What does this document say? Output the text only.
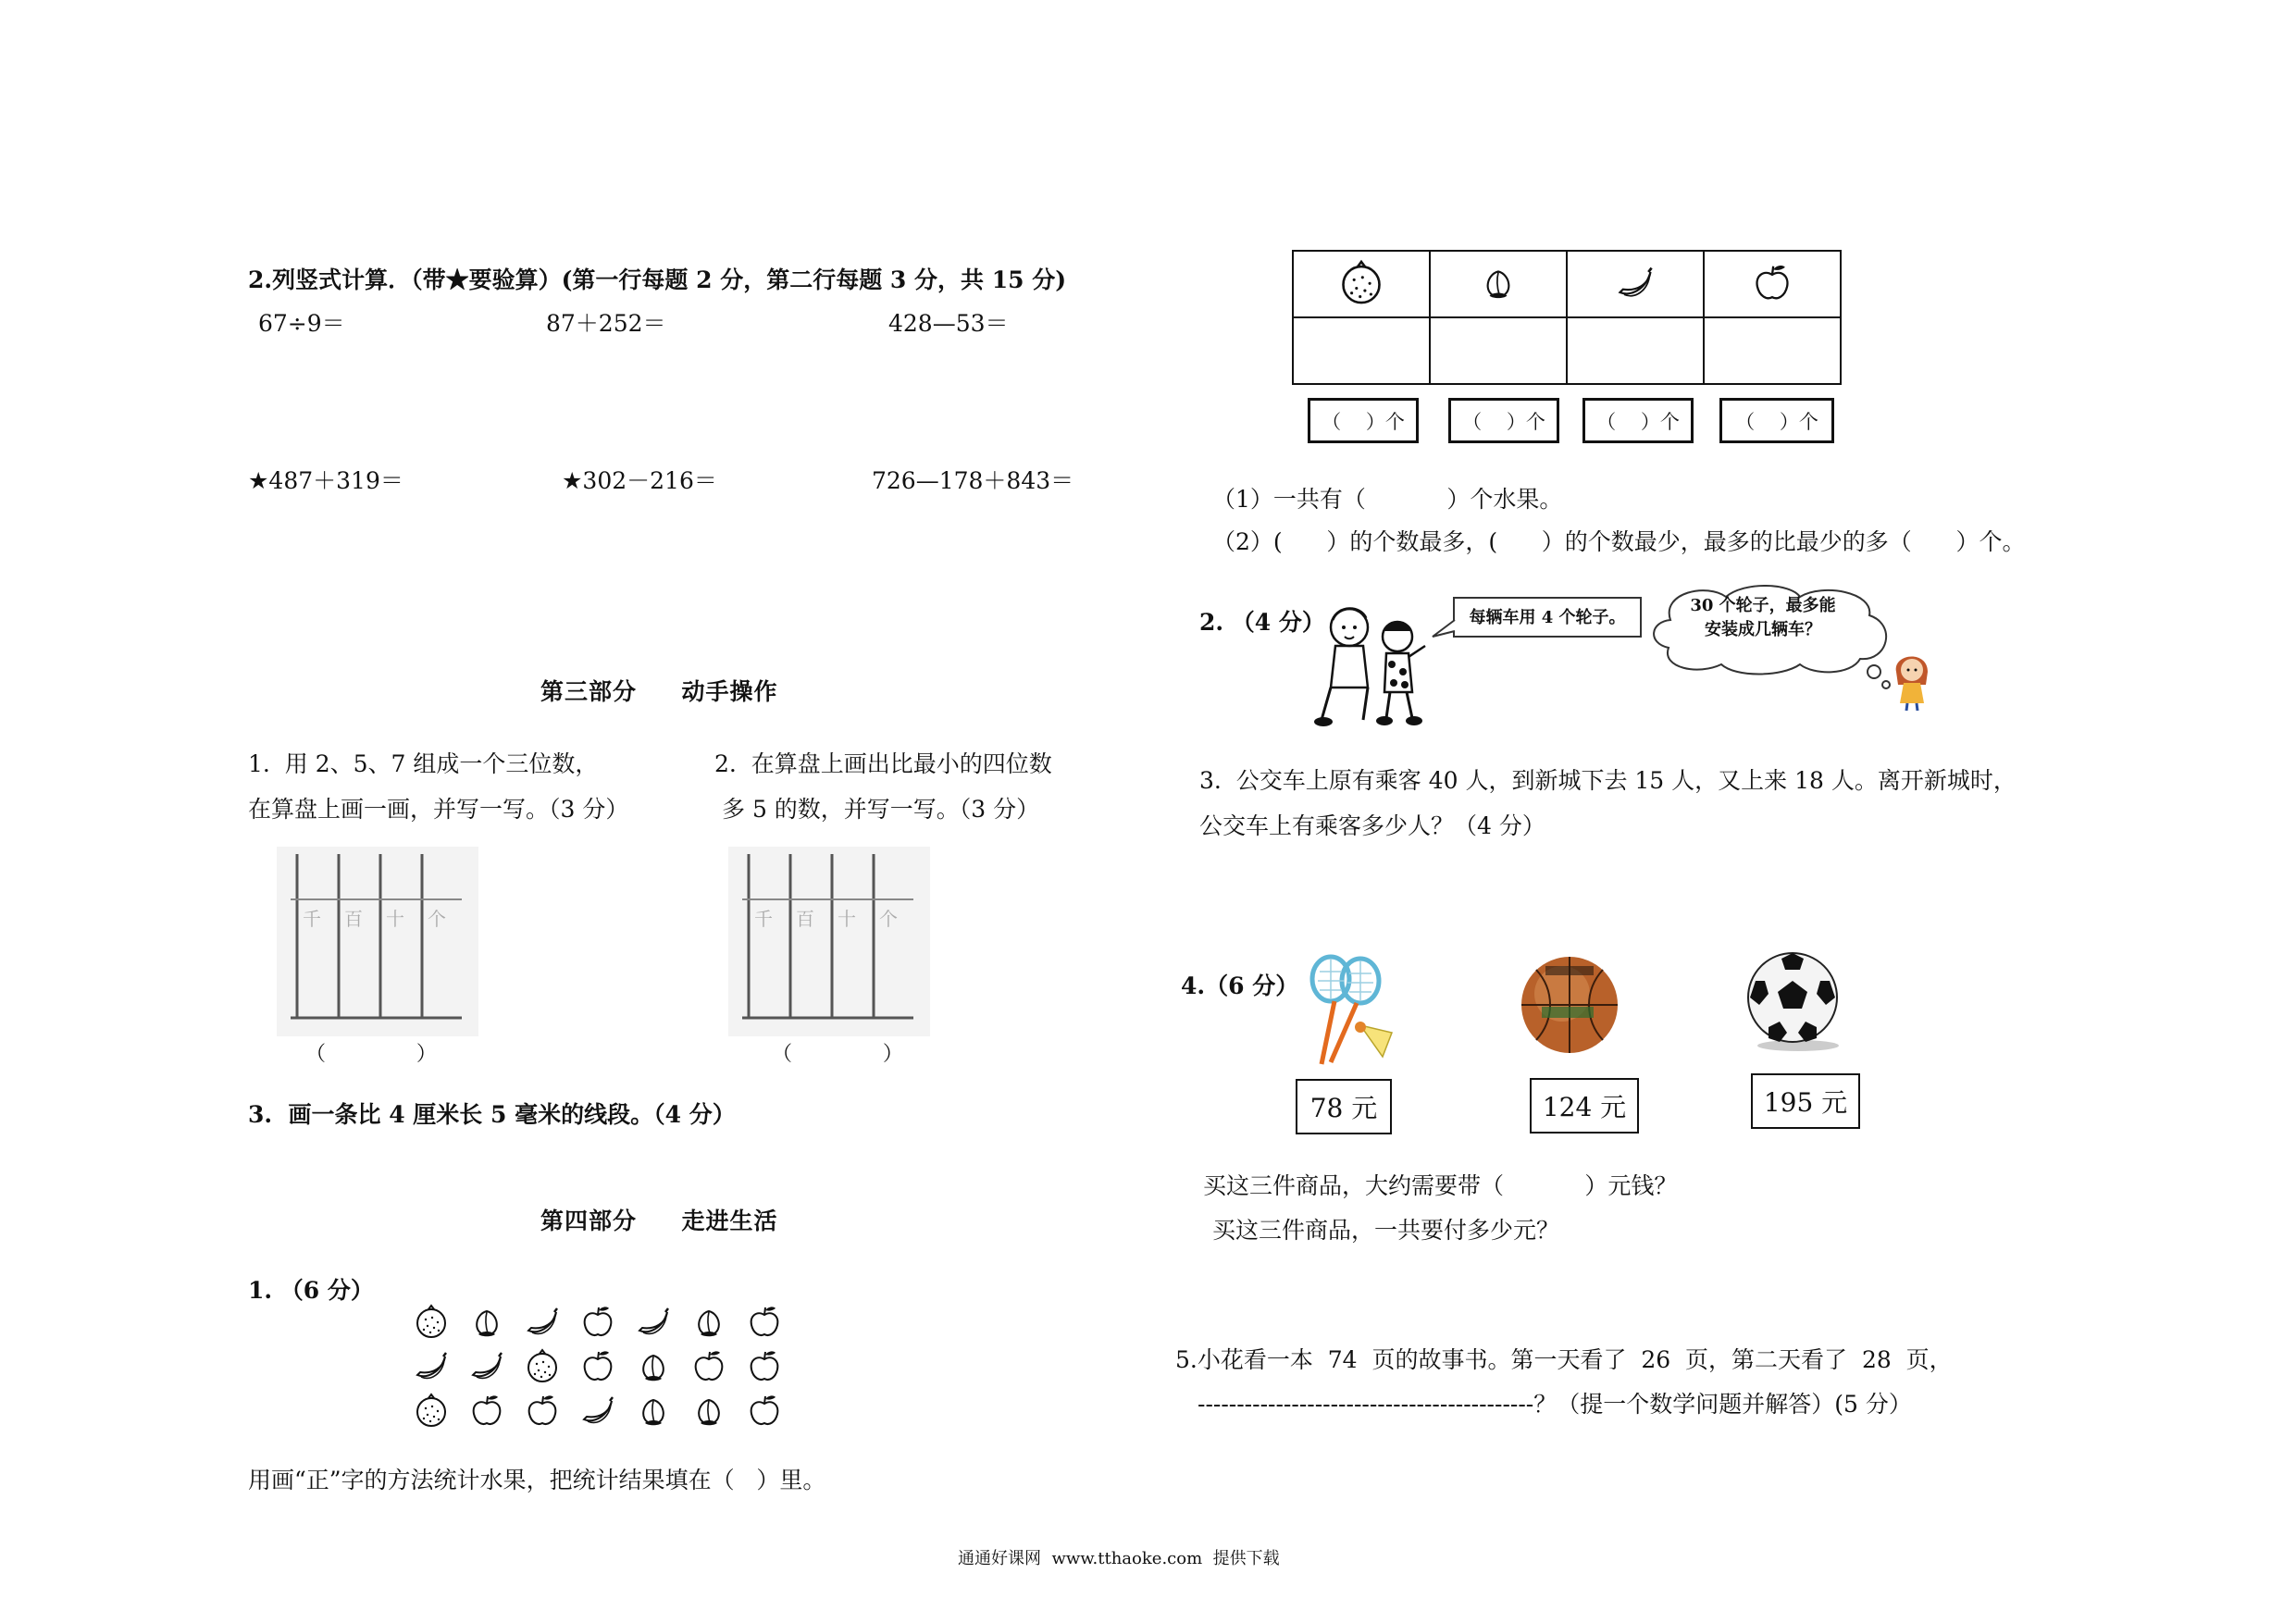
2.列竖式计算．（带★要验算）(第一行每题 2 分，第二行每题 3 分，共 15 分)
67÷9＝	87＋252＝	428—53＝
★487＋319＝	★302－216＝	726—178＋843＝
第三部分     动手操作
1.  用 2、5、7 组成一个三位数，
在算盘上画一画，并写一写。（3 分）
2.  在算盘上画出比最小的四位数
多 5 的数，并写一写。（3 分）
千 百 十 个
（              ）
千 百 十 个
（              ）
3.  画一条比 4 厘米长 5 毫米的线段。（4 分）
第四部分     走进生活
1. （6 分）
用画“正”字的方法统计水果，把统计结果填在（   ）里。

（    ）个	（    ）个	（    ）个	（    ）个
（1）一共有（           ）个水果。
（2）(      ）的个数最多，(      ）的个数最少，最多的比最少的多（      ）个。
2. （4 分）	每辆车用 4 个轮子。
30 个轮子，最多能
安装成几辆车？
3.  公交车上原有乘客 40 人，到新城下去 15 人，又上来 18 人。离开新城时，
公交车上有乘客多少人？（4 分）
4.（6 分）
78 元	124 元	195 元
买这三件商品，大约需要带（           ）元钱？
买这三件商品，一共要付多少元？
5.小花看一本  74  页的故事书。第一天看了  26  页，第二天看了  28  页，
-------------------------------------------？（提一个数学问题并解答）(5 分）
通通好课网  www.tthaoke.com  提供下载
